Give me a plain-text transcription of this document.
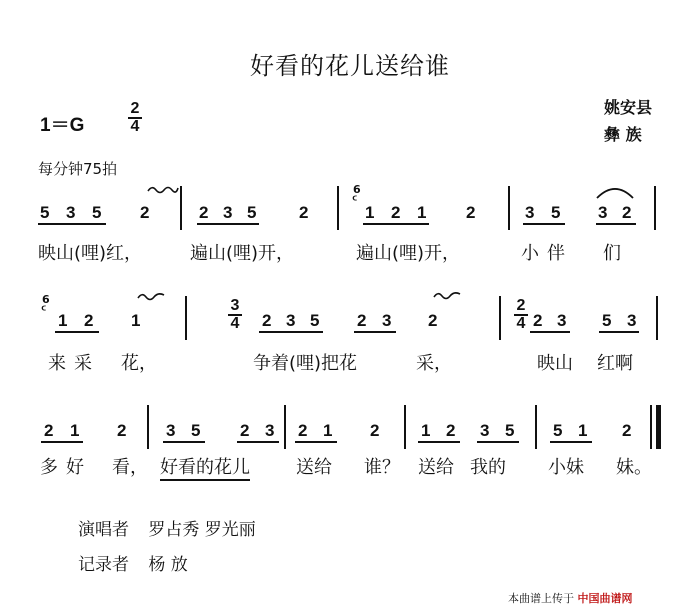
好看的花儿送给谁
1＝G	$\frac{2}{4}$	姚安县
彝 族
每分钟75拍
6
ᑦ
5 3 5 2	2 3 5	2	1 2 1 2	3 5 3 2
映山(哩)红，	遍山(哩)开，	遍山(哩)开，	小伴 们
6
ᑦ
1 2 1	$\frac{3}{4} 2$ 3 5 2 3 2	$\frac{2}{4} 2$ 3 5 3
来采 花，	争着(哩)把花	采，	映山 红啊
2 1 2 3 5 2 3 2 1 2 1 2 3 5 5 1 2
多好 看， 好看的花儿	送给 谁？ 送给 我的 小妹 妹。
演唱者 罗占秀 罗光丽
记录者 杨 放
本曲谱上传于 中国曲谱网
